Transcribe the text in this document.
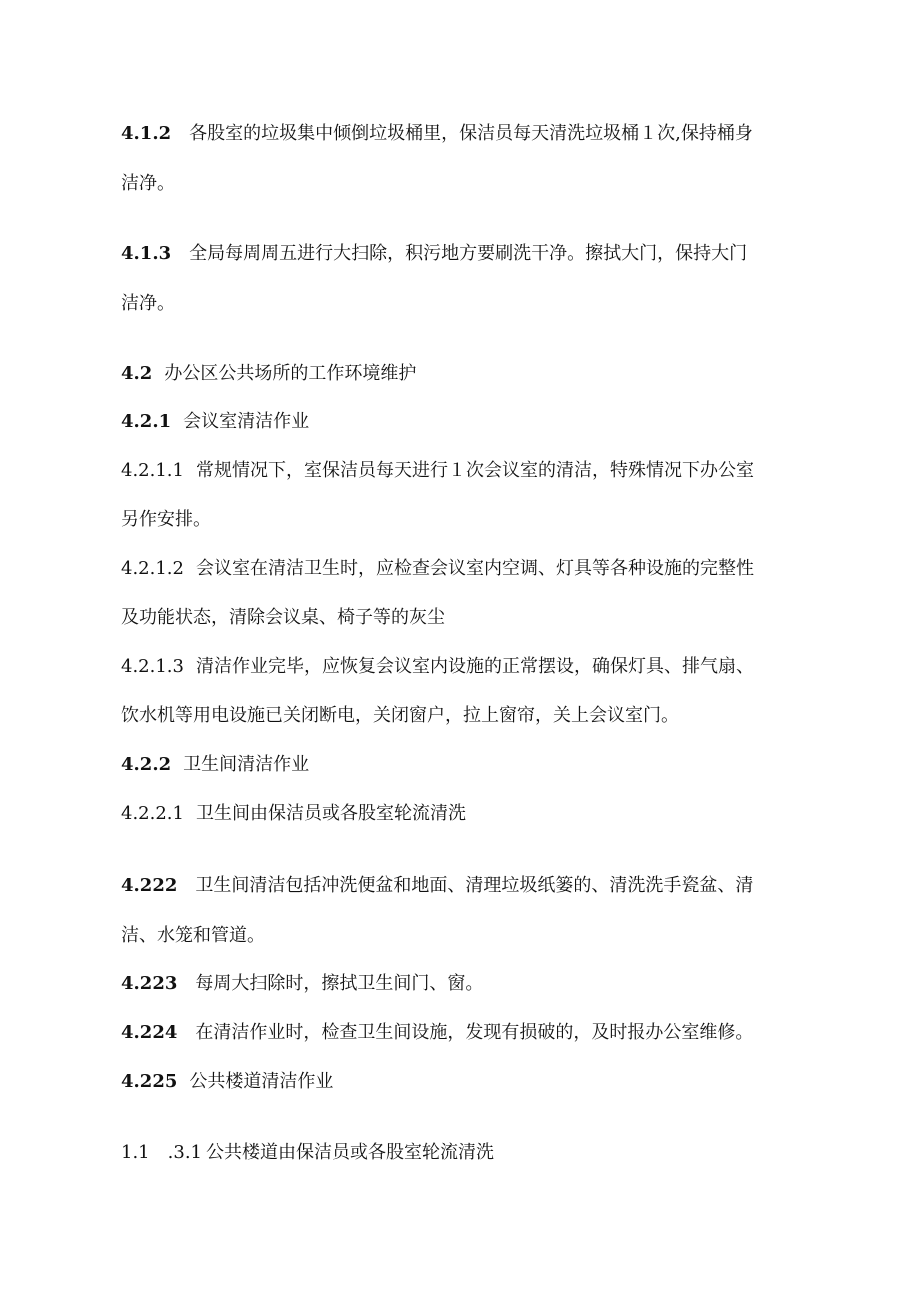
4.1.2 各股室的垃圾集中倾倒垃圾桶里，保洁员每天清洗垃圾桶１次,保持桶身
洁净。
4.1.3 全局每周周五进行大扫除，积污地方要刷洗干净。擦拭大门，保持大门
洁净。
4.2 办公区公共场所的工作环境维护
4.2.1 会议室清洁作业
4.2.1.1 常规情况下，室保洁员每天进行１次会议室的清洁，特殊情况下办公室
另作安排。
4.2.1.2 会议室在清洁卫生时，应检查会议室内空调、灯具等各种设施的完整性
及功能状态，清除会议桌、椅子等的灰尘
4.2.1.3 清洁作业完毕，应恢复会议室内设施的正常摆设，确保灯具、排气扇、
饮水机等用电设施已关闭断电，关闭窗户，拉上窗帘，关上会议室门。
4.2.2 卫生间清洁作业
4.2.2.1 卫生间由保洁员或各股室轮流清洗
4.222 卫生间清洁包括冲洗便盆和地面、清理垃圾纸篓的、清洗洗手瓷盆、清
洁、水笼和管道。
4.223 每周大扫除时，擦拭卫生间门、窗。
4.224 在清洁作业时，检查卫生间设施，发现有损破的，及时报办公室维修。
4.225 公共楼道清洁作业
1.1 .3.1 公共楼道由保洁员或各股室轮流清洗
